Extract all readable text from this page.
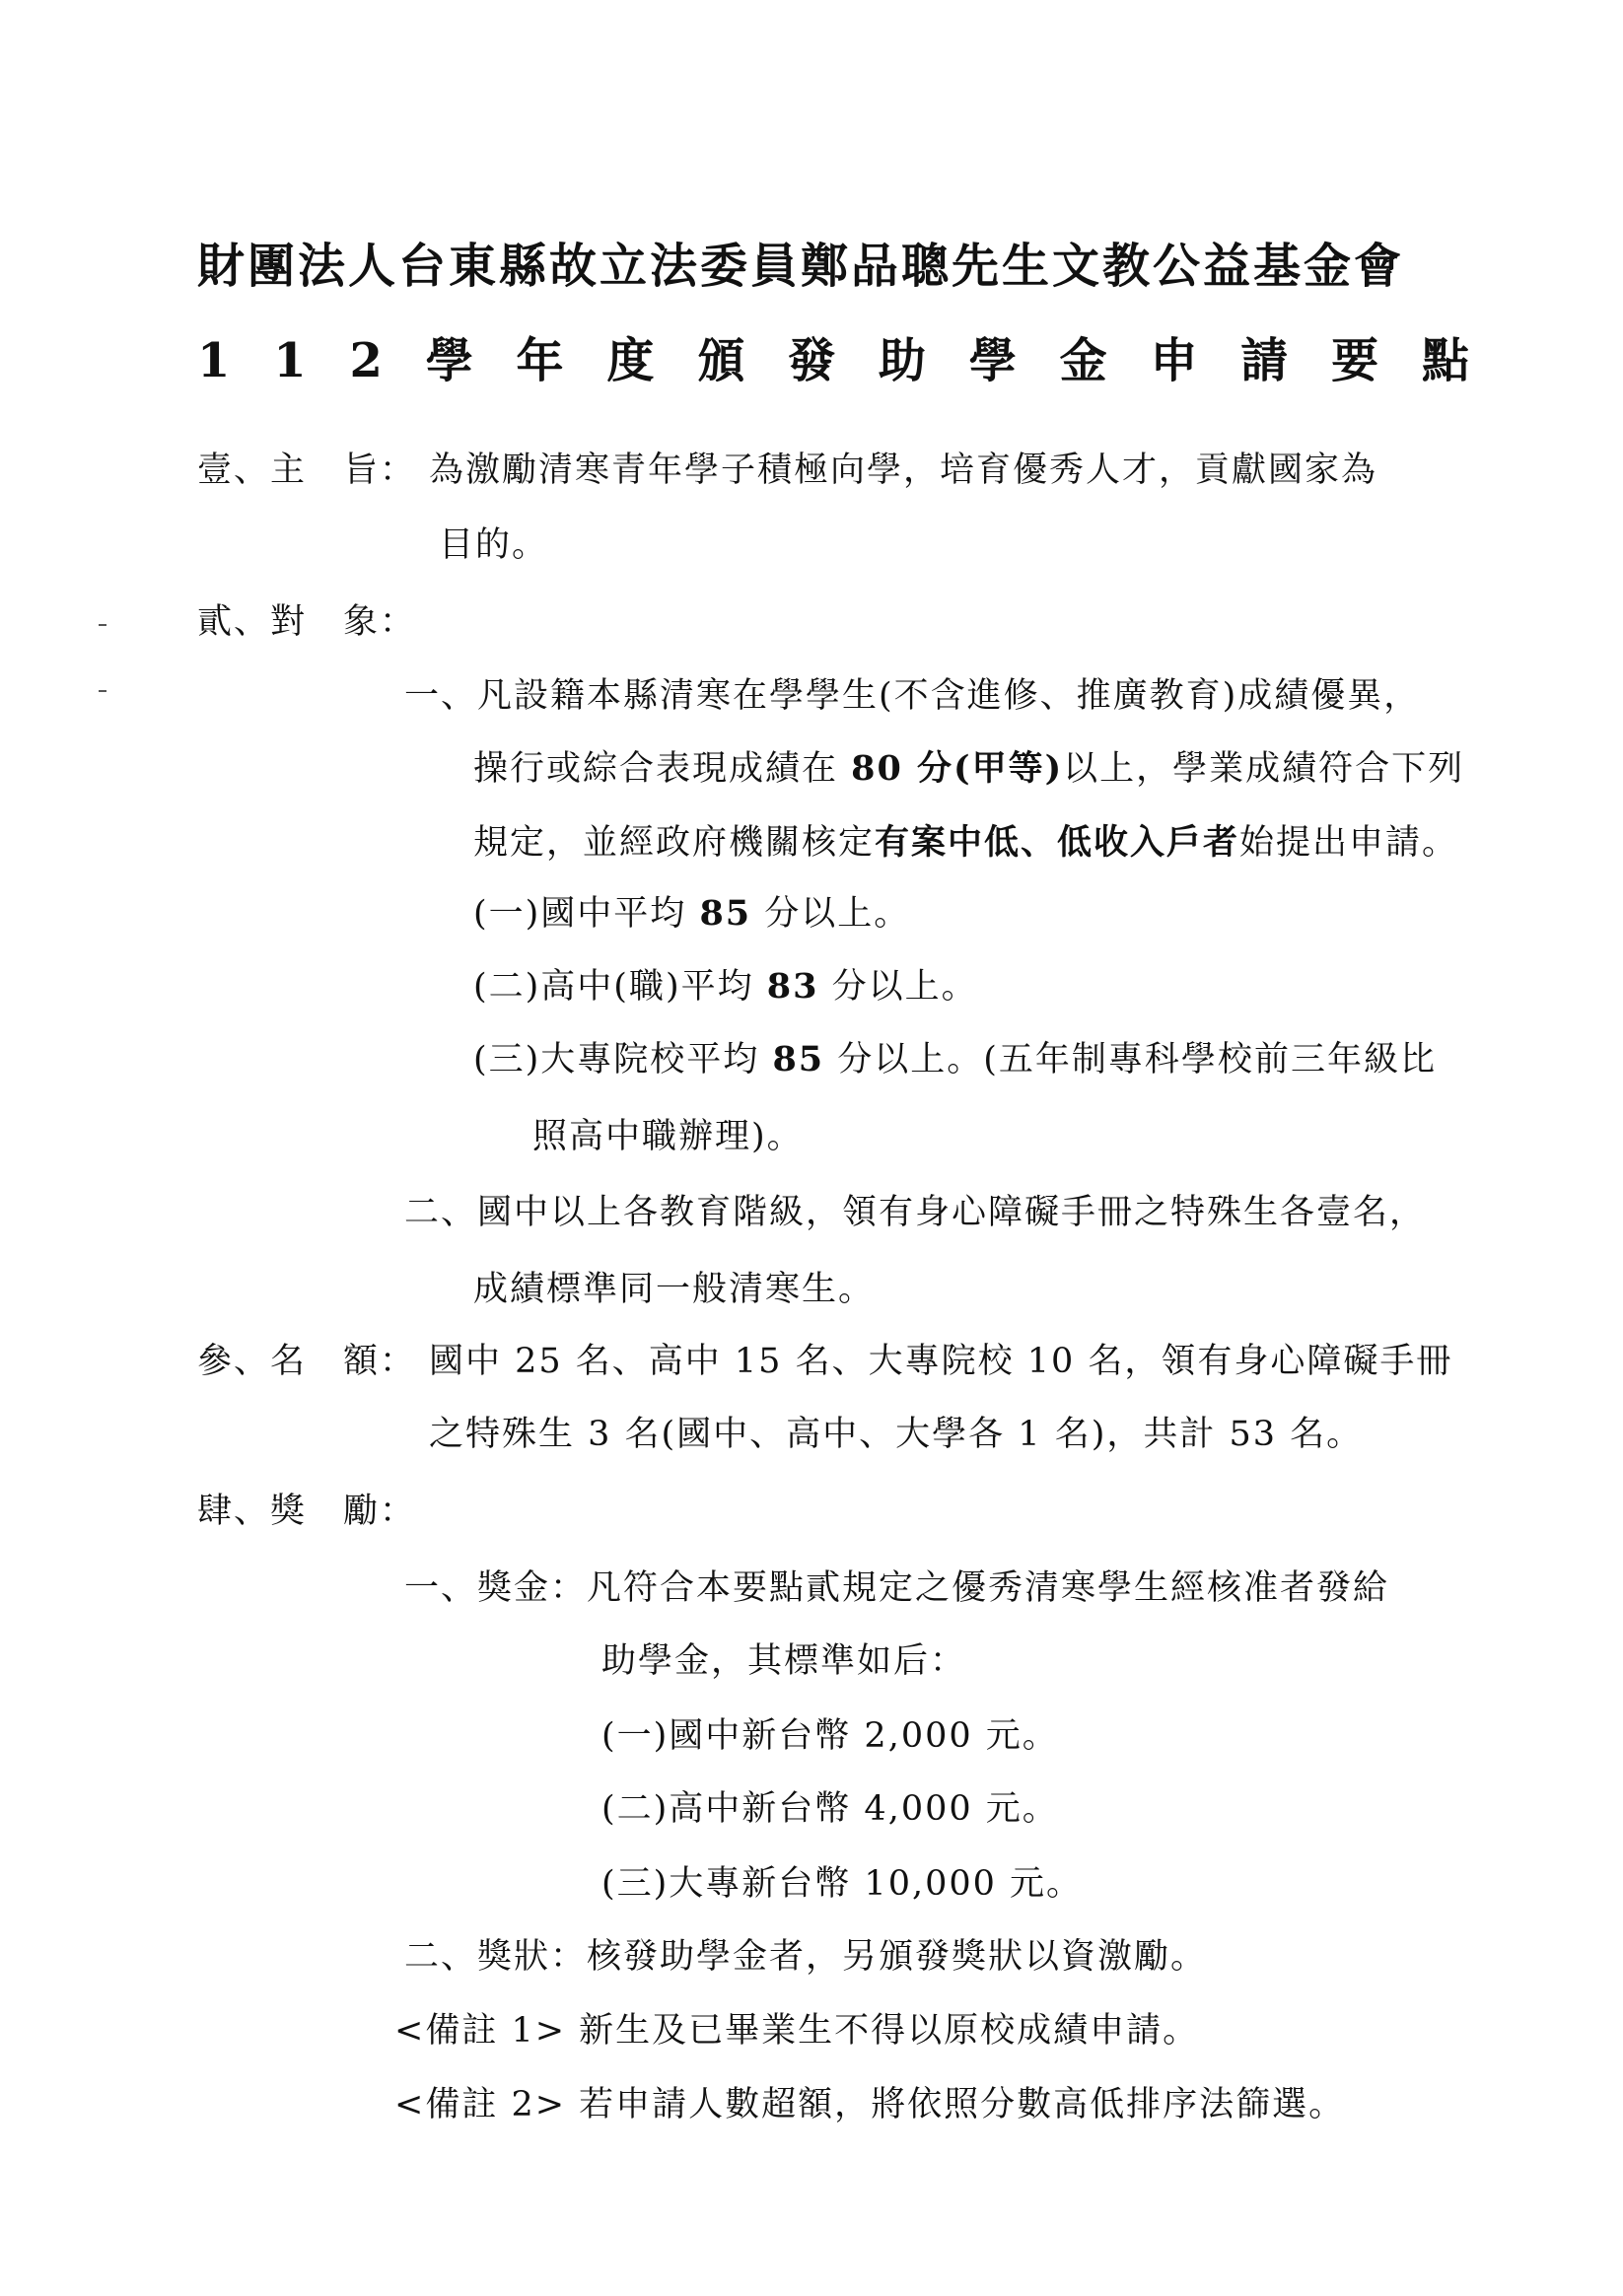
財團法人台東縣故立法委員鄭品聰先生文教公益基金會
1 1 2 學 年 度 頒 發 助 學 金 申 請 要 點
壹、主　旨： 為激勵清寒青年學子積極向學，培育優秀人才，貢獻國家為
目的。
貳、對　象：
一、凡設籍本縣清寒在學學生(不含進修、推廣教育)成績優異，
操行或綜合表現成績在 80 分(甲等)以上，學業成績符合下列
規定，並經政府機關核定有案中低、低收入戶者始提出申請。
(一)國中平均 85 分以上。
(二)高中(職)平均 83 分以上。
(三)大專院校平均 85 分以上。(五年制專科學校前三年級比
照高中職辦理)。
二、國中以上各教育階級，領有身心障礙手冊之特殊生各壹名，
成績標準同一般清寒生。
參、名　額： 國中 25 名、高中 15 名、大專院校 10 名，領有身心障礙手冊
之特殊生 3 名(國中、高中、大學各 1 名)，共計 53 名。
肆、獎　勵：
一、獎金：凡符合本要點貳規定之優秀清寒學生經核准者發給
助學金，其標準如后：
(一)國中新台幣 2,000 元。
(二)高中新台幣 4,000 元。
(三)大專新台幣 10,000 元。
二、獎狀：核發助學金者，另頒發獎狀以資激勵。
<備註 1> 新生及已畢業生不得以原校成績申請。
<備註 2> 若申請人數超額，將依照分數高低排序法篩選。
